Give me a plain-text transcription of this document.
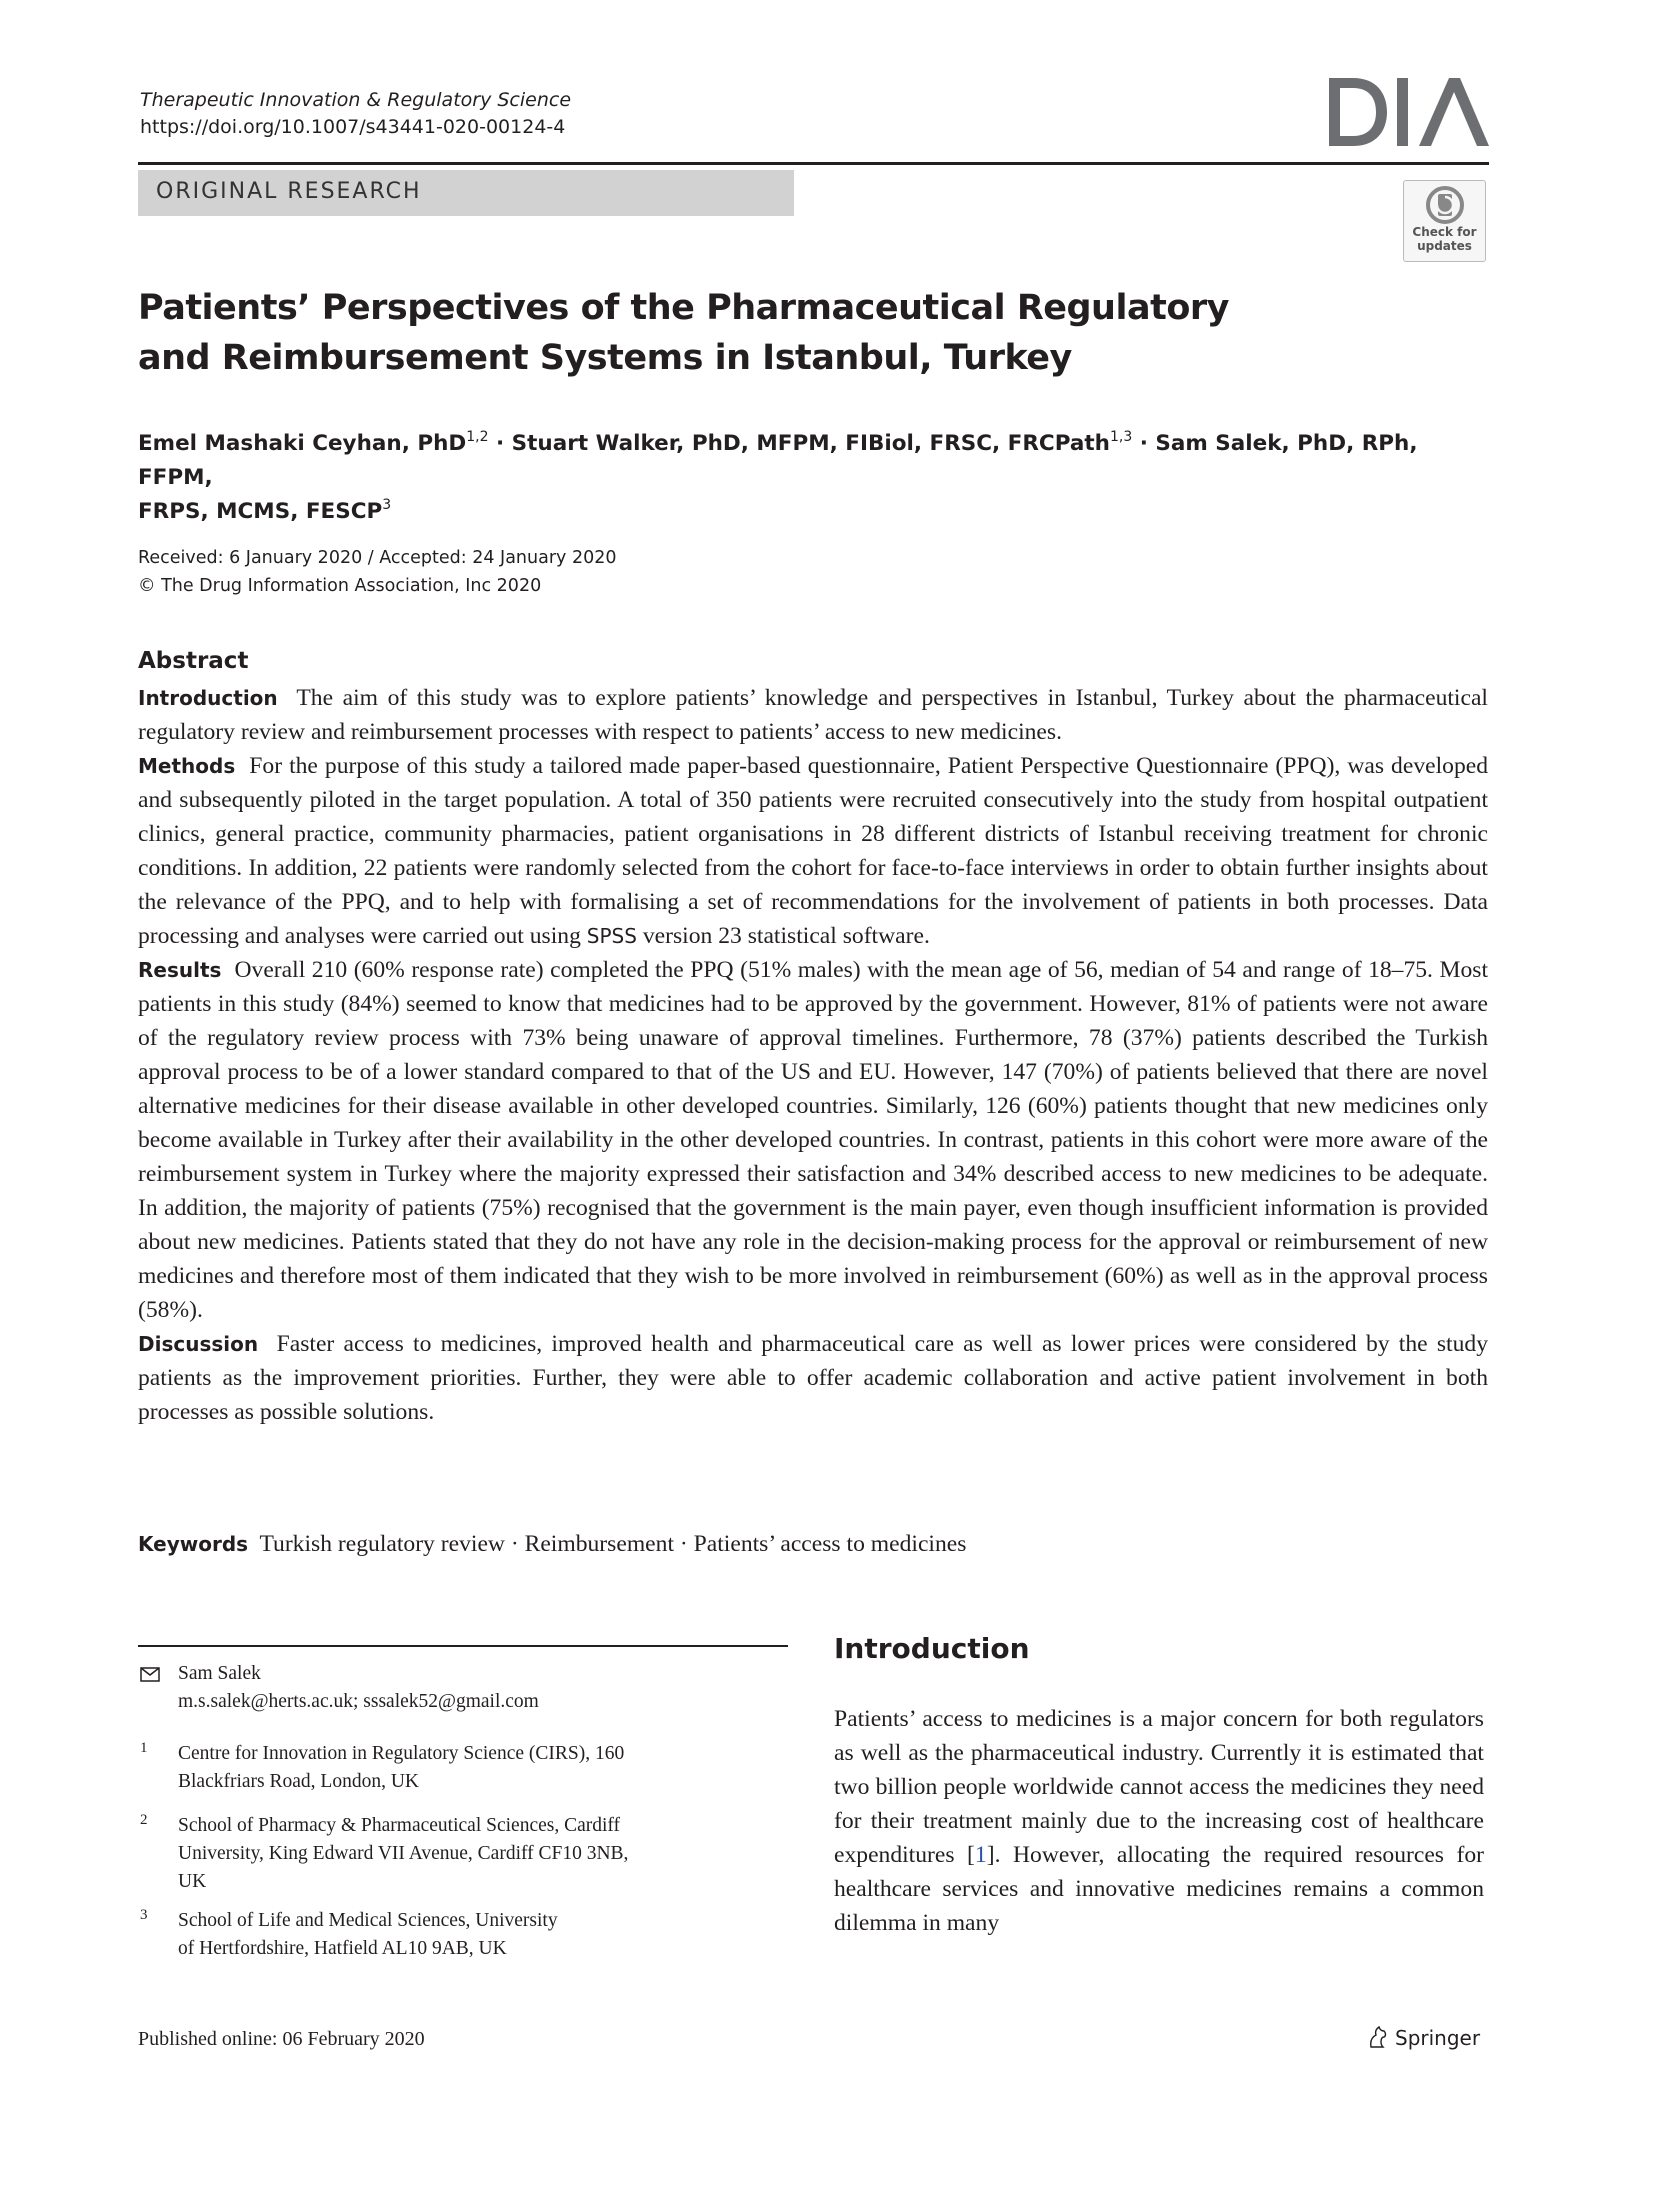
Therapeutic Innovation & Regulatory Science
https://doi.org/10.1007/s43441-020-00124-4
DIA
ORIGINAL RESEARCH
Check for
updates
Patients’ Perspectives of the Pharmaceutical Regulatory
and Reimbursement Systems in Istanbul, Turkey
Emel Mashaki Ceyhan, PhD$^{1,2}$ · Stuart Walker, PhD, MFPM, FIBiol, FRSC, FRCPath$^{1,3}$ · Sam Salek, PhD, RPh, FFPM,
FRPS, MCMS, FESCP$^3$
Received: 6 January 2020 / Accepted: 24 January 2020
© The Drug Information Association, Inc 2020
Abstract

Introduction The aim of this study was to explore patients’ knowledge and perspectives in Istanbul, Turkey about the pharmaceutical regulatory review and reimbursement processes with respect to patients’ access to new medicines.

Methods For the purpose of this study a tailored made paper-based questionnaire, Patient Perspective Questionnaire (PPQ), was developed and subsequently piloted in the target population. A total of 350 patients were recruited consecutively into the study from hospital outpatient clinics, general practice, community pharmacies, patient organisations in 28 different districts of Istanbul receiving treatment for chronic conditions. In addition, 22 patients were randomly selected from the cohort for face-to-face interviews in order to obtain further insights about the relevance of the PPQ, and to help with formalising a set of recommendations for the involvement of patients in both processes. Data processing and analyses were carried out using SPSS version 23 statistical software.

Results Overall 210 (60% response rate) completed the PPQ (51% males) with the mean age of 56, median of 54 and range of 18–75. Most patients in this study (84%) seemed to know that medicines had to be approved by the government. However, 81% of patients were not aware of the regulatory review process with 73% being unaware of approval timelines. Furthermore, 78 (37%) patients described the Turkish approval process to be of a lower standard compared to that of the US and EU. However, 147 (70%) of patients believed that there are novel alternative medicines for their disease available in other developed countries. Similarly, 126 (60%) patients thought that new medicines only become available in Turkey after their availability in the other developed countries. In contrast, patients in this cohort were more aware of the reimbursement system in Turkey where the majority expressed their satisfaction and 34% described access to new medicines to be adequate. In addition, the majority of patients (75%) recognised that the government is the main payer, even though insufficient information is provided about new medicines. Patients stated that they do not have any role in the decision-making process for the approval or reimbursement of new medicines and therefore most of them indicated that they wish to be more involved in reimbursement (60%) as well as in the approval process (58%).

Discussion Faster access to medicines, improved health and pharmaceutical care as well as lower prices were considered by the study patients as the improvement priorities. Further, they were able to offer academic collaboration and active patient involvement in both processes as possible solutions.

Keywords Turkish regulatory review · Reimbursement · Patients’ access to medicines
Sam Salek
m.s.salek@herts.ac.uk; sssalek52@gmail.com
1 Centre for Innovation in Regulatory Science (CIRS), 160
Blackfriars Road, London, UK
2 School of Pharmacy & Pharmaceutical Sciences, Cardiff
University, King Edward VII Avenue, Cardiff CF10 3NB,
UK
3 School of Life and Medical Sciences, University
of Hertfordshire, Hatfield AL10 9AB, UK
Introduction
Patients’ access to medicines is a major concern for both regulators as well as the pharmaceutical industry. Currently it is estimated that two billion people worldwide cannot access the medicines they need for their treatment mainly due to the increasing cost of healthcare expenditures [1]. However, allocating the required resources for healthcare services and innovative medicines remains a common dilemma in many
Published online: 06 February 2020	Springer
